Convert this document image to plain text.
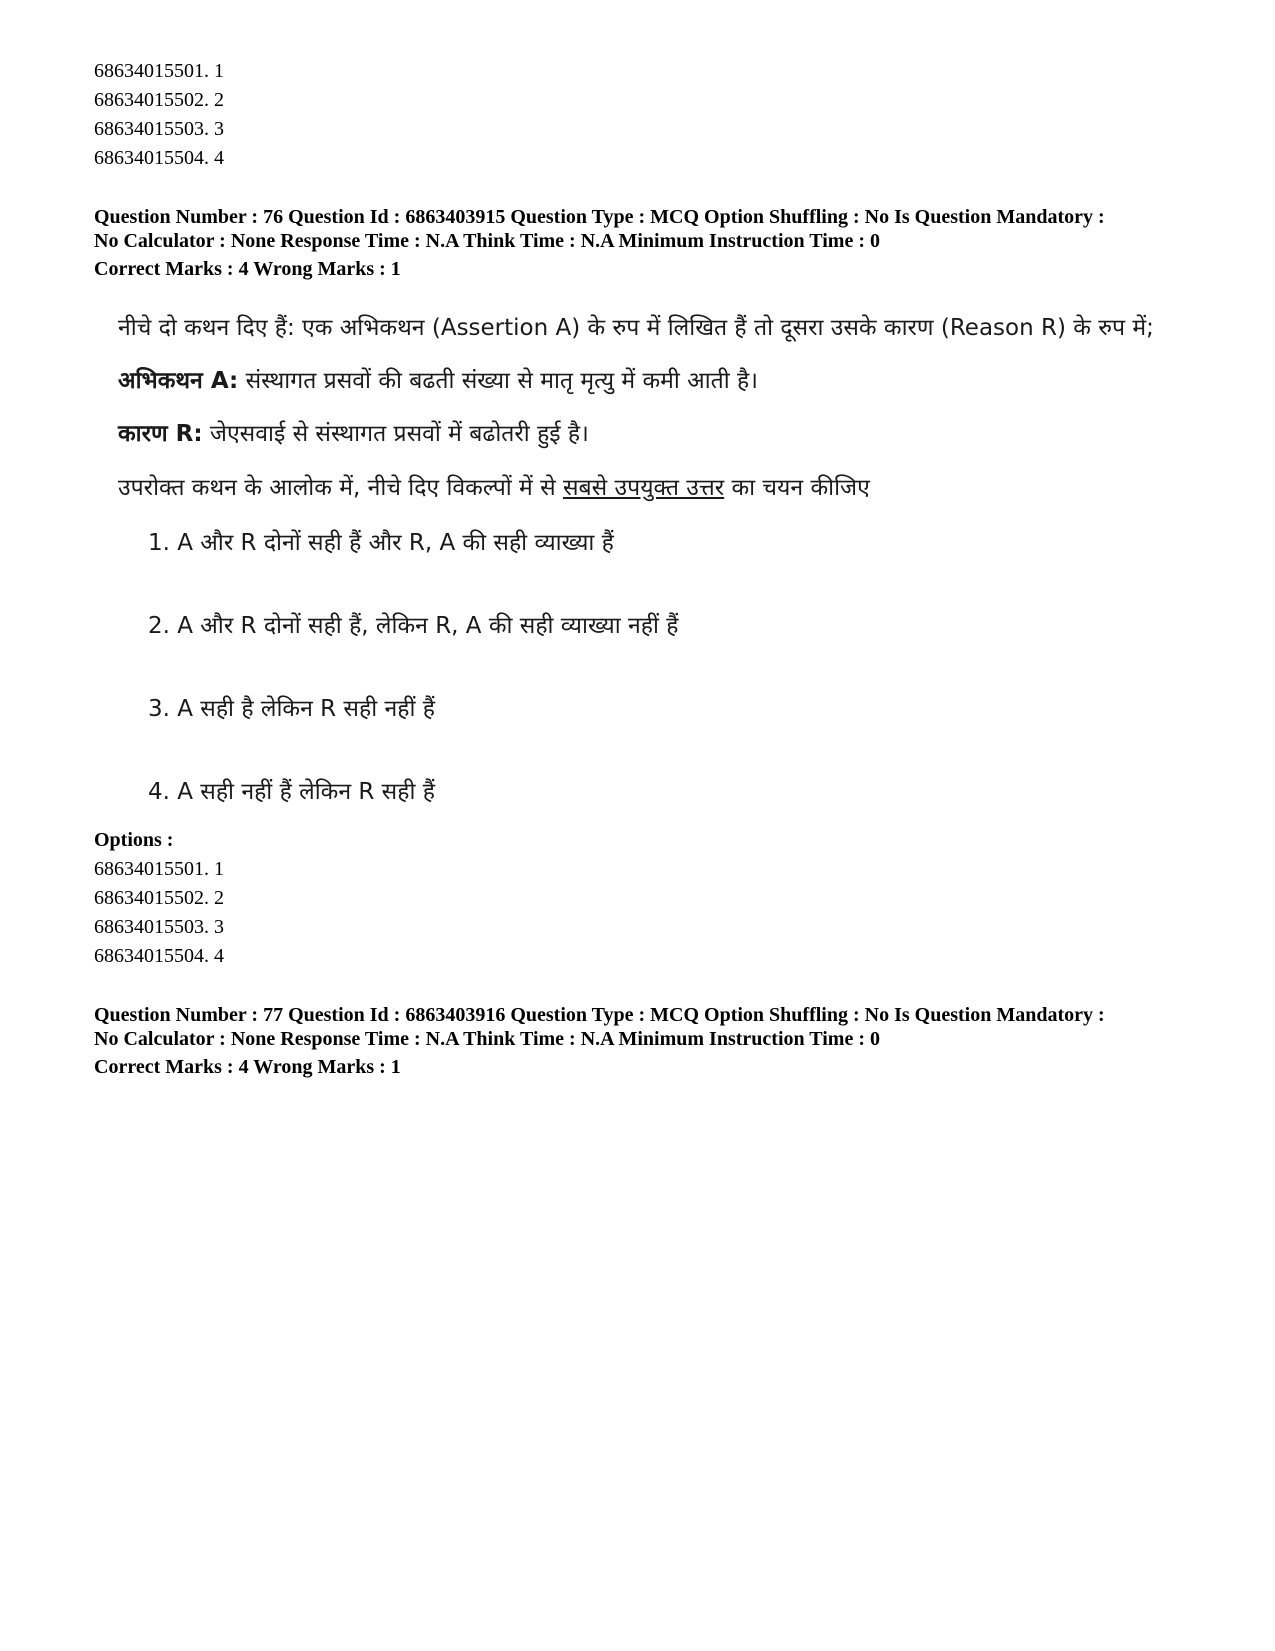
68634015501. 1
68634015502. 2
68634015503. 3
68634015504. 4
Question Number : 76 Question Id : 6863403915 Question Type : MCQ Option Shuffling : No Is Question Mandatory :
No Calculator : None Response Time : N.A Think Time : N.A Minimum Instruction Time : 0
Correct Marks : 4 Wrong Marks : 1
नीचे दो कथन दिए हैं: एक अभिकथन (Assertion A) के रुप में लिखित हैं तो दूसरा उसके कारण (Reason R) के रुप में;
अभिकथन A: संस्थागत प्रसवों की बढती संख्या से मातृ मृत्यु में कमी आती है।
कारण R: जेएसवाई से संस्थागत प्रसवों में बढोतरी हुई है।
उपरोक्त कथन के आलोक में, नीचे दिए विकल्पों में से सबसे उपयुक्त उत्तर का चयन कीजिए
1. A और R दोनों सही हैं और R, A की सही व्याख्या हैं
2. A और R दोनों सही हैं, लेकिन R, A की सही व्याख्या नहीं हैं
3. A सही है लेकिन R सही नहीं हैं
4. A सही नहीं हैं लेकिन R सही हैं
Options :
68634015501. 1
68634015502. 2
68634015503. 3
68634015504. 4
Question Number : 77 Question Id : 6863403916 Question Type : MCQ Option Shuffling : No Is Question Mandatory :
No Calculator : None Response Time : N.A Think Time : N.A Minimum Instruction Time : 0
Correct Marks : 4 Wrong Marks : 1
